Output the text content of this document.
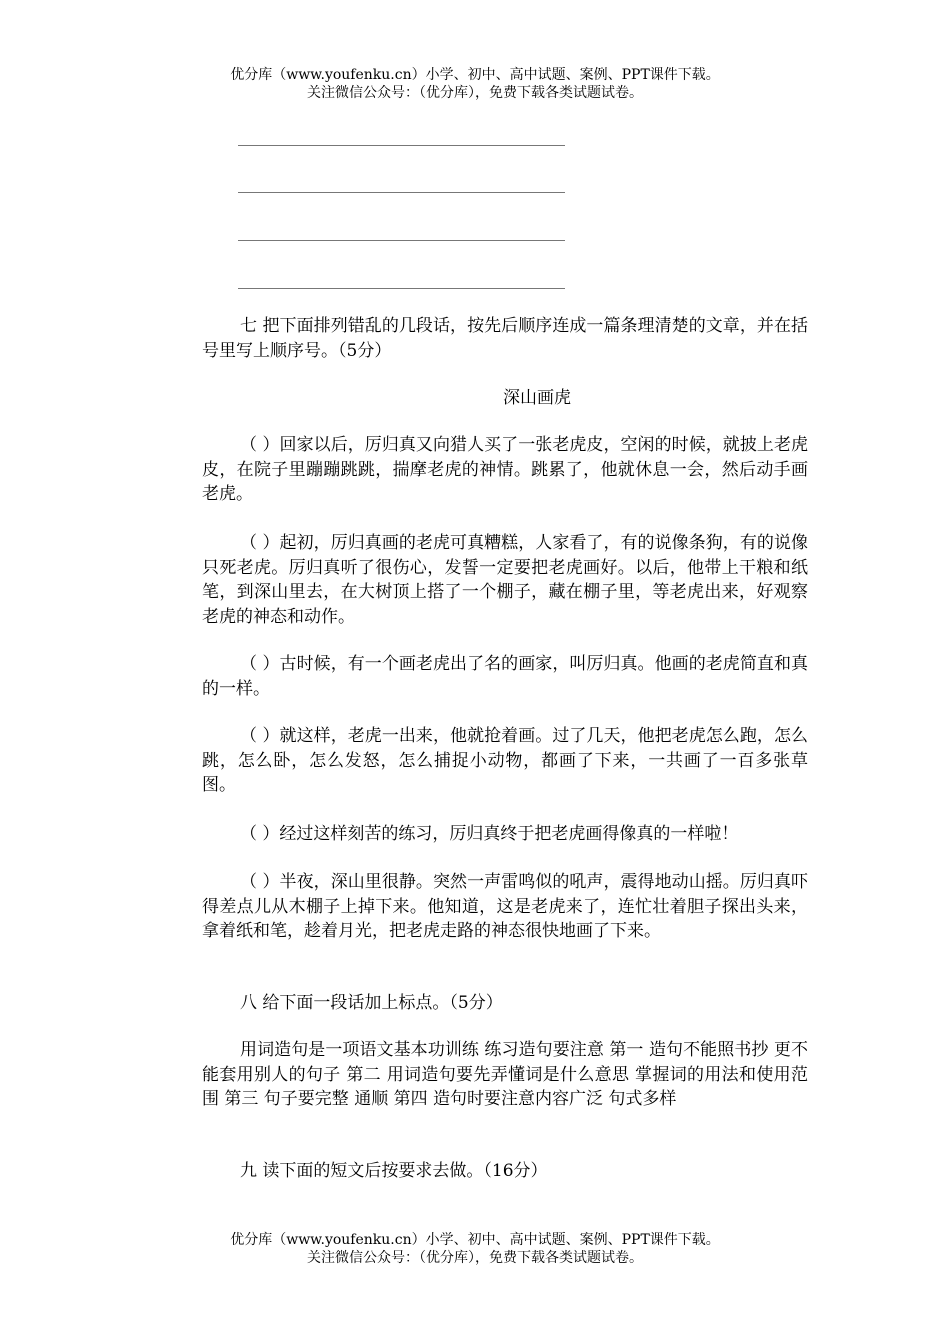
优分库（www.youfenku.cn）小学、初中、高中试题、案例、PPT课件下载。
关注微信公众号：（优分库），免费下载各类试题试卷。
七 把下面排列错乱的几段话，按先后顺序连成一篇条理清楚的文章，并在括号里写上顺序号。（5分）
深山画虎
（ ）回家以后，厉归真又向猎人买了一张老虎皮，空闲的时候，就披上老虎皮，在院子里蹦蹦跳跳，揣摩老虎的神情。跳累了，他就休息一会，然后动手画老虎。
（ ）起初，厉归真画的老虎可真糟糕，人家看了，有的说像条狗，有的说像只死老虎。厉归真听了很伤心，发誓一定要把老虎画好。以后，他带上干粮和纸笔，到深山里去，在大树顶上搭了一个棚子，藏在棚子里，等老虎出来，好观察老虎的神态和动作。
（ ）古时候，有一个画老虎出了名的画家，叫厉归真。他画的老虎简直和真的一样。
（ ）就这样，老虎一出来，他就抢着画。过了几天，他把老虎怎么跑，怎么跳，怎么卧，怎么发怒，怎么捕捉小动物，都画了下来，一共画了一百多张草图。
（ ）经过这样刻苦的练习，厉归真终于把老虎画得像真的一样啦！
（ ）半夜，深山里很静。突然一声雷鸣似的吼声，震得地动山摇。厉归真吓得差点儿从木棚子上掉下来。他知道，这是老虎来了，连忙壮着胆子探出头来，拿着纸和笔，趁着月光，把老虎走路的神态很快地画了下来。
八 给下面一段话加上标点。（5分）
用词造句是一项语文基本功训练 练习造句要注意 第一 造句不能照书抄 更不能套用别人的句子 第二 用词造句要先弄懂词是什么意思 掌握词的用法和使用范围 第三 句子要完整 通顺 第四 造句时要注意内容广泛 句式多样
九 读下面的短文后按要求去做。（16分）
优分库（www.youfenku.cn）小学、初中、高中试题、案例、PPT课件下载。
关注微信公众号：（优分库），免费下载各类试题试卷。
